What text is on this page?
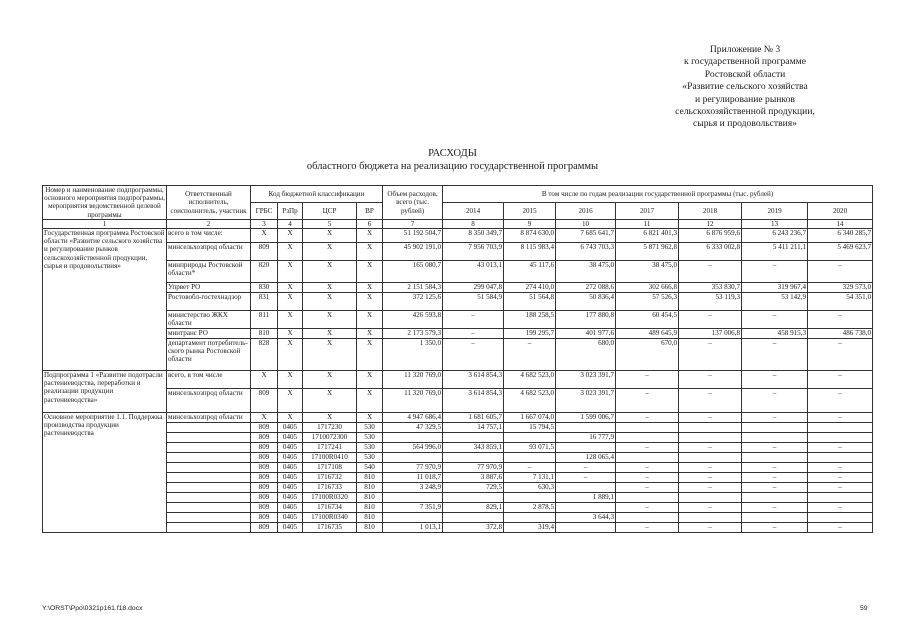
Приложение № 3
к государственной программе
Ростовской области
«Развитие сельского хозяйства
и регулирование рынков
сельскохозяйственной продукции,
сырья и продовольствия»
РАСХОДЫ
областного бюджета на реализацию государственной программы
Номер и наименование подпрограммы, основного мероприятия подпрограммы, мероприятия ведомственной целевой программы	Ответственный исполнитель, соисполнитель, участник	Код бюджетной классификации				Объем расходов, всего (тыс. рублей)	В том числе по годам реализации государственной программы (тыс. рублей)						
		ГРБС	РзПр	ЦСР	ВР		2014	2015	2016	2017	2018	2019	2020
1	2	3	4	5	6	7	8	9	10	11	12	13	14
Государственная программа Ростовской области «Развитие сельского хозяйства и регулирование рынков сельскохозяйственной продукции, сырья и продовольствия»	всего в том числе:	X	X	X	X	51 192 504,7	8 350 349,7	8 874 630,0	7 685 641,7	6 821 401,3	6 876 959,6	6 243 236,7	6 340 285,7
	минсельхозпрод области	809	X	X	X	45 902 191,0	7 956 703,9	8 115 983,4	6 743 703,3	5 871 962,8	6 333 002,8	5 411 211,1	5 469 623,7
	минприроды Ростовской области*	820	X	X	X	165 080,7	43 013,1	45 117,6	38 475,0	38 475,0	–	–	–
	Упрвет РО	830	X	X	X	2 151 584,3	299 047,8	274 410,0	272 088,6	302 666,8	353 830,7	319 967,4	329 573,0
	Ростовобл-гостехнадзор	831	X	X	X	372 125,6	51 584,9	51 564,8	50 836,4	57 526,3	53 119,3	53 142,9	54 351,0
	министерство ЖКХ области	811	X	X	X	426 593,8	–	188 258,5	177 880,8	60 454,5	–	–	–
	минтранс РО	810	X	X	X	2 173 579,3	–	199 295,7	401 977,6	489 645,9	137 006,8	458 915,3	486 738,0
	департамент потребитель-ского рынка Ростовской области	828	X	X	X	1 350,0	–	–	680,0	670,0	–	–	–
Подпрограмма 1 «Развитие подотрасли растениеводства, переработки и реализации продукции растениеводства»	всего, в том числе	X	X	X	X	11 320 769,0	3 614 854,3	4 682 523,0	3 023 391,7	–	–	–	–
	минсельхозпрод области	809	X	X	X	11 320 769,0	3 614 854,3	4 682 523,0	3 023 391,7	–	–	–	–
Основное мероприятие 1.1. Поддержка производства продукции растениеводства	минсельхозпрод области	X	X	X	X	4 947 686,4	1 681 605,7	1 667 074,0	1 599 006,7	–	–	–	–
		809	0405	1717230	530	47 329,5	14 757,1	15 794,5					
		809	0405	1710072300	530				16 777,9				
		809	0405	1717241	530	564 996,0	343 859,1	93 071,5		–	–	–	–
		809	0405	17100R0410	530				128 065,4				
		809	0405	1717108	540	77 970,9	77 970,9	–	–	–	–	–	–
		809	0405	1716732	810	11 018,7	3 887,6	7 131,1	–	–	–	–	–
		809	0405	1716733	810	3 248,9	729,5	630,3		–	–	–	–
		809	0405	17100R0320	810				1 889,1				
		809	0405	1716734	810	7 351,9	829,1	2 878,5		–	–	–	–
		809	0405	17100R0340	810				3 644,3				
		809	0405	1716735	810	1 013,1	372,8	319,4		–	–	–	–
Y:\ORST\Ppo\0321p161.f18.docx	59
